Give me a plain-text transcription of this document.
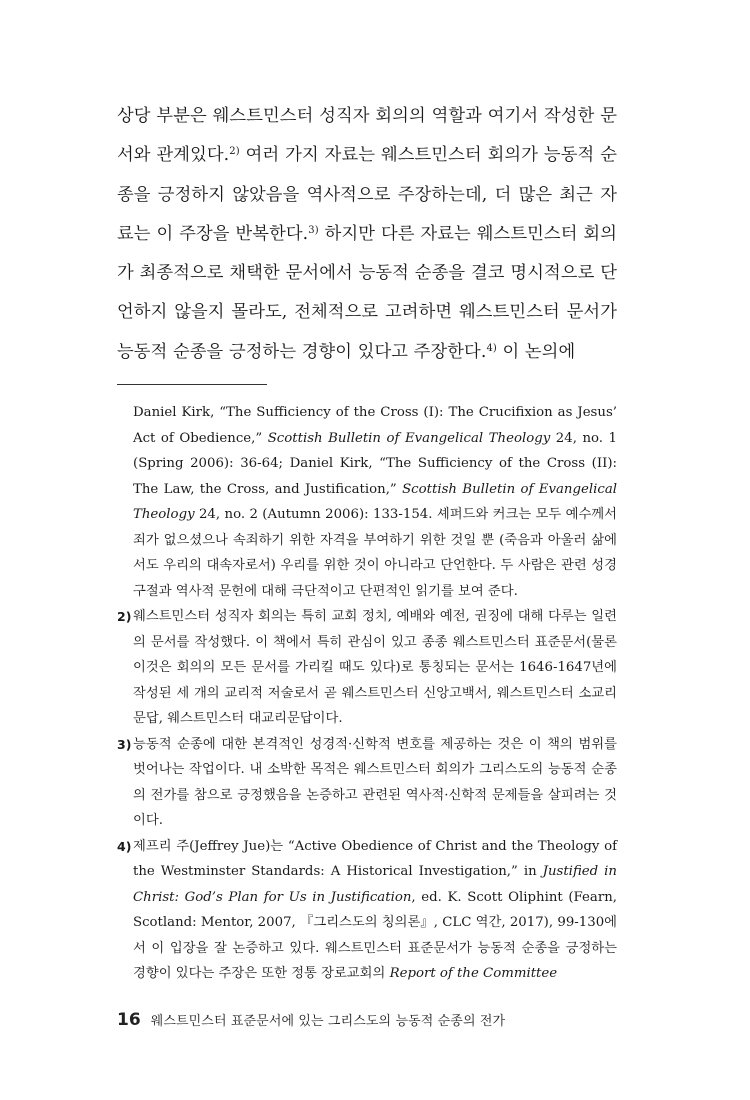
상당 부분은 웨스트민스터 성직자 회의의 역할과 여기서 작성한 문서와 관계있다.$^{2)}$ 여러 가지 자료는 웨스트민스터 회의가 능동적 순종을 긍정하지 않았음을 역사적으로 주장하는데, 더 많은 최근 자료는 이 주장을 반복한다.$^{3)}$ 하지만 다른 자료는 웨스트민스터 회의가 최종적으로 채택한 문서에서 능동적 순종을 결코 명시적으로 단언하지 않을지 몰라도, 전체적으로 고려하면 웨스트민스터 문서가 능동적 순종을 긍정하는 경향이 있다고 주장한다.$^{4)}$ 이 논의에

Daniel Kirk, “The Sufficiency of the Cross (I): The Crucifixion as Jesus’ Act of Obedience,” Scottish Bulletin of Evangelical Theology 24, no. 1 (Spring 2006): 36-64; Daniel Kirk, “The Sufficiency of the Cross (II): The Law, the Cross, and Justification,” Scottish Bulletin of Evangelical Theology 24, no. 2 (Autumn 2006): 133-154. 셰퍼드와 커크는 모두 예수께서 죄가 없으셨으나 속죄하기 위한 자격을 부여하기 위한 것일 뿐 (죽음과 아울러 삶에서도 우리의 대속자로서) 우리를 위한 것이 아니라고 단언한다. 두 사람은 관련 성경 구절과 역사적 문헌에 대해 극단적이고 단편적인 읽기를 보여 준다.

2) 웨스트민스터 성직자 회의는 특히 교회 정치, 예배와 예전, 권징에 대해 다루는 일련의 문서를 작성했다. 이 책에서 특히 관심이 있고 종종 웨스트민스터 표준문서(물론 이것은 회의의 모든 문서를 가리킬 때도 있다)로 통칭되는 문서는 1646-1647년에 작성된 세 개의 교리적 저술로서 곧 웨스트민스터 신앙고백서, 웨스트민스터 소교리문답, 웨스트민스터 대교리문답이다.

3) 능동적 순종에 대한 본격적인 성경적·신학적 변호를 제공하는 것은 이 책의 범위를 벗어나는 작업이다. 내 소박한 목적은 웨스트민스터 회의가 그리스도의 능동적 순종의 전가를 참으로 긍정했음을 논증하고 관련된 역사적·신학적 문제들을 살피려는 것이다.

4) 제프리 주(Jeffrey Jue)는 “Active Obedience of Christ and the Theology of the Westminster Standards: A Historical Investigation,” in Justified in Christ: God’s Plan for Us in Justification, ed. K. Scott Oliphint (Fearn, Scotland: Mentor, 2007, 『그리스도의 칭의론』, CLC 역간, 2017), 99-130에서 이 입장을 잘 논증하고 있다. 웨스트민스터 표준문서가 능동적 순종을 긍정하는 경향이 있다는 주장은 또한 정통 장로교회의 Report of the Committee

16 웨스트민스터 표준문서에 있는 그리스도의 능동적 순종의 전가
